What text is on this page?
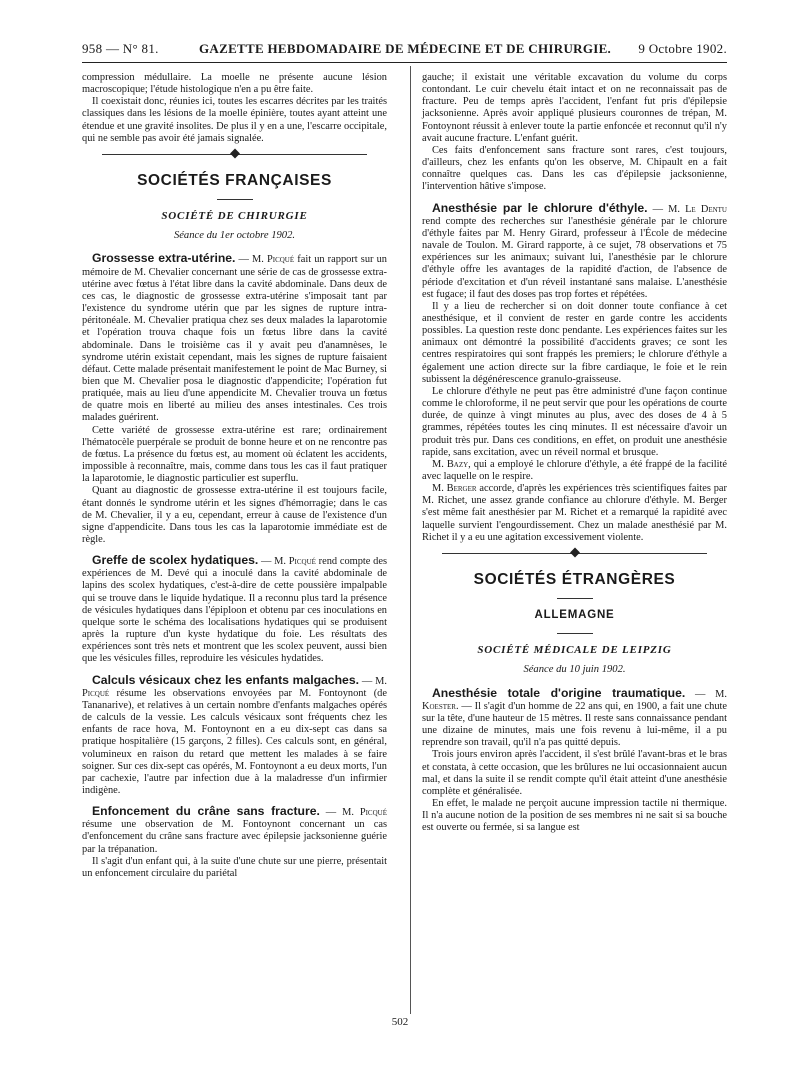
958 — N° 81.	GAZETTE HEBDOMADAIRE DE MÉDECINE ET DE CHIRURGIE. 9 Octobre 1902.

compression médullaire. La moelle ne présente aucune lésion macroscopique; l'étude histologique n'en a pu être faite.

Il coexistait donc, réunies ici, toutes les escarres décrites par les traités classiques dans les lésions de la moelle épinière, toutes ayant atteint une étendue et une gravité insolites. De plus il y en a une, l'escarre occipitale, qui ne semble pas avoir été jamais signalée.

SOCIÉTÉS FRANÇAISES
SOCIÉTÉ DE CHIRURGIE
Séance du 1er octobre 1902.

Grossesse extra-utérine. — M. Picqué fait un rapport sur un mémoire de M. Chevalier concernant une série de cas de grossesse extra-utérine avec fœtus à l'état libre dans la cavité abdominale. Dans deux de ces cas, le diagnostic de grossesse extra-utérine s'imposait tant par l'existence du syndrome utérin que par les signes de rupture intra-péritonéale. M. Chevalier pratiqua chez ses deux malades la laparotomie et l'opération trouva chaque fois un fœtus libre dans la cavité abdominale. Dans le troisième cas il y avait peu d'anamnèses, le syndrome utérin existait cependant, mais les signes de rupture faisaient défaut. Cette malade présentait manifestement le point de Mac Burney, si bien que M. Chevalier posa le diagnostic d'appendicite; l'opération fut pratiquée, mais au lieu d'une appendicite M. Chevalier trouva un fœtus de quatre mois en liberté au milieu des anses intestinales. Ces trois malades guérirent.

Cette variété de grossesse extra-utérine est rare; ordinairement l'hématocèle puerpérale se produit de bonne heure et on ne rencontre pas de fœtus. La présence du fœtus est, au moment où éclatent les accidents, impossible à reconnaître, mais, comme dans tous les cas il faut pratiquer la laparotomie, le diagnostic particulier est superflu.

Quant au diagnostic de grossesse extra-utérine il est toujours facile, étant donnés le syndrome utérin et les signes d'hémorragie; dans le cas de M. Chevalier, il y a eu, cependant, erreur à cause de l'existence d'un signe d'appendicite. Dans tous les cas la laparotomie immédiate est de règle.

Greffe de scolex hydatiques. — M. Picqué rend compte des expériences de M. Devé qui a inoculé dans la cavité abdominale de lapins des scolex hydatiques, c'est-à-dire de cette poussière impalpable qui se trouve dans le liquide hydatique. Il a reconnu plus tard la présence de vésicules hydatiques dans l'épiploon et obtenu par ces inoculations en quelque sorte le schéma des localisations hydatiques qui se produisent après la rupture d'un kyste hydatique du foie. Les résultats des expériences sont très nets et montrent que les scolex peuvent, aussi bien que les vésicules filles, reproduire les vésicules hydatides.

Calculs vésicaux chez les enfants malgaches. — M. Picqué résume les observations envoyées par M. Fontoynont (de Tananarive), et relatives à un certain nombre d'enfants malgaches opérés de calculs de la vessie. Les calculs vésicaux sont fréquents chez les enfants de race hova, M. Fontoynont en a eu dix-sept cas dans sa pratique hospitalière (15 garçons, 2 filles). Ces calculs sont, en général, volumineux en raison du retard que mettent les malades à se faire soigner. Sur ces dix-sept cas opérés, M. Fontoynont a eu deux morts, l'un par cachexie, l'autre par infection due à la maladresse d'un infirmier indigène.

Enfoncement du crâne sans fracture. — M. Picqué résume une observation de M. Fontoynont concernant un cas d'enfoncement du crâne sans fracture avec épilepsie jacksonienne guérie par la trépanation.

Il s'agit d'un enfant qui, à la suite d'une chute sur une pierre, présentait un enfoncement circulaire du pariétal

gauche; il existait une véritable excavation du volume du corps contondant. Le cuir chevelu était intact et on ne reconnaissait pas de fracture. Peu de temps après l'accident, l'enfant fut pris d'épilepsie jacksonienne. Après avoir appliqué plusieurs couronnes de trépan, M. Fontoynont réussit à enlever toute la partie enfoncée et reconnut qu'il n'y avait aucune fracture. L'enfant guérit.

Ces faits d'enfoncement sans fracture sont rares, c'est toujours, d'ailleurs, chez les enfants qu'on les observe, M. Chipault en a fait connaître quelques cas. Dans les cas d'épilepsie jacksonienne, l'intervention hâtive s'impose.

Anesthésie par le chlorure d'éthyle. — M. Le Dentu rend compte des recherches sur l'anesthésie générale par le chlorure d'éthyle faites par M. Henry Girard, professeur à l'École de médecine navale de Toulon. M. Girard rapporte, à ce sujet, 78 observations et 75 expériences sur les animaux; suivant lui, l'anesthésie par le chlorure d'éthyle offre les avantages de la rapidité d'action, de l'absence de période d'excitation et d'un réveil instantané sans malaise. L'anesthésie est fugace; il faut des doses pas trop fortes et répétées.

Il y a lieu de rechercher si on doit donner toute confiance à cet anesthésique, et il convient de rester en garde contre les accidents possibles. La question reste donc pendante. Les expériences faites sur les animaux ont démontré la possibilité d'accidents graves; ce sont les centres respiratoires qui sont frappés les premiers; le chlorure d'éthyle a également une action directe sur la fibre cardiaque, le foie et le rein subissent la dégénérescence granulo-graisseuse.

Le chlorure d'éthyle ne peut pas être administré d'une façon continue comme le chloroforme, il ne peut servir que pour les opérations de courte durée, de quinze à vingt minutes au plus, avec des doses de 4 à 5 grammes, répétées toutes les cinq minutes. Il est nécessaire d'avoir un produit très pur. Dans ces conditions, en effet, on produit une anesthésie rapide, sans excitation, avec un réveil normal et brusque.

M. Bazy, qui a employé le chlorure d'éthyle, a été frappé de la facilité avec laquelle on le respire.

M. Berger accorde, d'après les expériences très scientifiques faites par M. Richet, une assez grande confiance au chlorure d'éthyle. M. Berger s'est même fait anesthésier par M. Richet et a remarqué la rapidité avec laquelle survient l'engourdissement. Chez un malade anesthésié par M. Richet il y a eu une agitation excessivement violente.

SOCIÉTÉS ÉTRANGÈRES
ALLEMAGNE
SOCIÉTÉ MÉDICALE DE LEIPZIG
Séance du 10 juin 1902.

Anesthésie totale d'origine traumatique. — M. Koester. — Il s'agit d'un homme de 22 ans qui, en 1900, a fait une chute sur la tête, d'une hauteur de 15 mètres. Il reste sans connaissance pendant une dizaine de minutes, mais une fois revenu à lui-même, il a pu reprendre son travail, qu'il n'a pas quitté depuis.

Trois jours environ après l'accident, il s'est brûlé l'avant-bras et le bras et constata, à cette occasion, que les brûlures ne lui occasionnaient aucun mal, et dans la suite il se rendit compte qu'il était atteint d'une anesthésie complète et généralisée.

En effet, le malade ne perçoit aucune impression tactile ni thermique. Il n'a aucune notion de la position de ses membres ni ne sait si sa bouche est ouverte ou fermée, si sa langue est

502
